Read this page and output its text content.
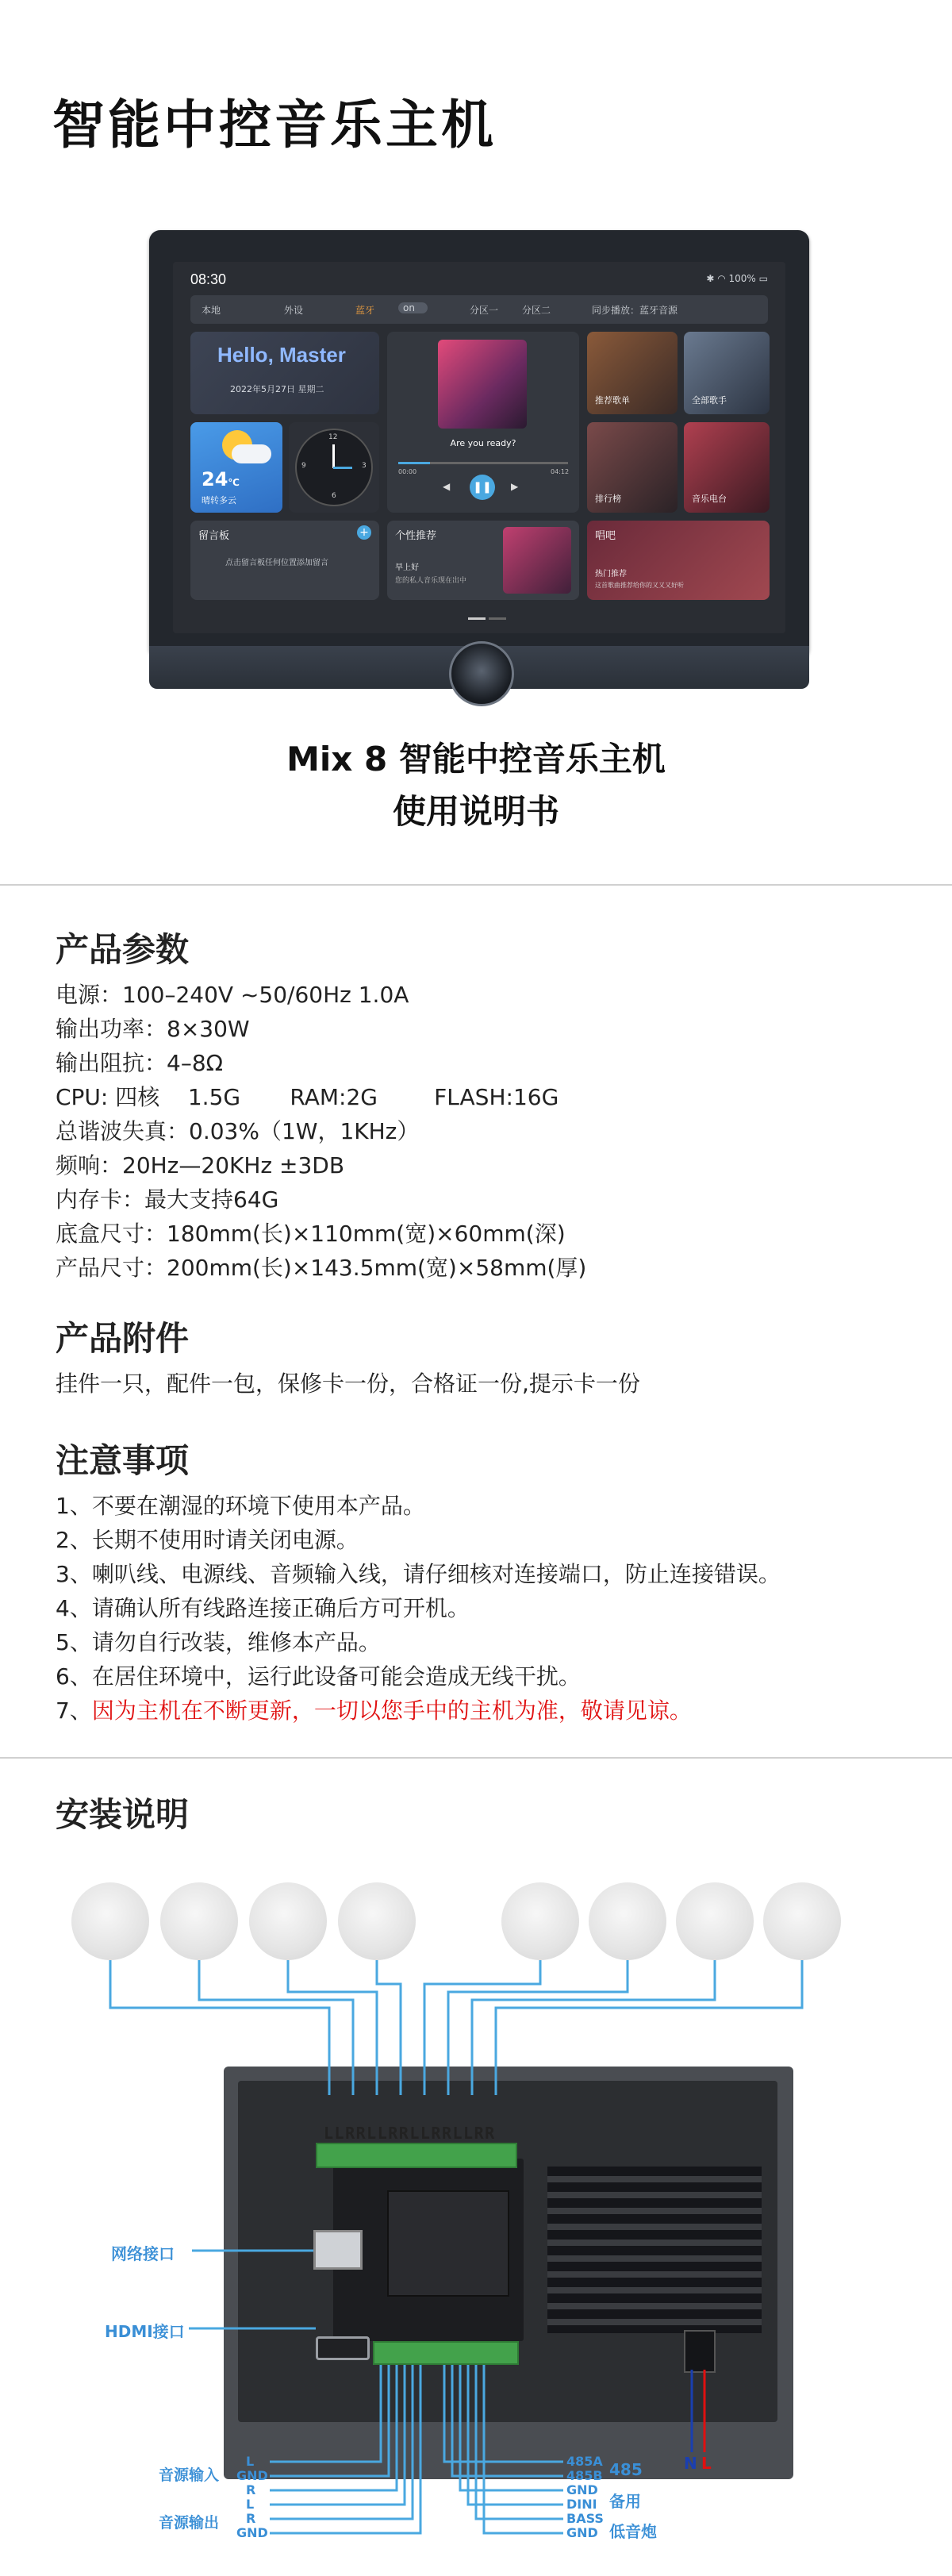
智能中控音乐主机
08:30	✱ ◠ 100% ▭
本地	外设	蓝牙	on	分区一 分区二	同步播放：蓝牙音源
Hello, Master
2022年5月27日 星期二
24℃
晴转多云
12
3
6
9
Are you ready?
00:00	04:12
❚❚
◀	▶
推荐歌单	全部歌手
排行榜	音乐电台
留言板	+
点击留言板任何位置添加留言
个性推荐
早上好
您的私人音乐现在出中
唱吧
热门推荐
这首歌曲推荐给你的又又又好听
Mix 8 智能中控音乐主机
使用说明书
产品参数
电源：100–240V ~50/60Hz 1.0A
输出功率：8×30W
输出阻抗：4–8Ω
CPU: 四核    1.5G       RAM:2G        FLASH:16G
总谐波失真：0.03%（1W，1KHz）
频响：20Hz—20KHz ±3DB
内存卡：最大支持64G
底盒尺寸：180mm(长)×110mm(宽)×60mm(深)
产品尺寸：200mm(长)×143.5mm(宽)×58mm(厚)
产品附件
挂件一只，配件一包，保修卡一份，合格证一份,提示卡一份
注意事项
1、不要在潮湿的环境下使用本产品。
2、长期不使用时请关闭电源。
3、喇叭线、电源线、音频输入线，请仔细核对连接端口，防止连接错误。
4、请确认所有线路连接正确后方可开机。
5、请勿自行改装，维修本产品。
6、在居住环境中，运行此设备可能会造成无线干扰。
7、因为主机在不断更新，一切以您手中的主机为准，敬请见谅。
安装说明
LLRRLLRRLLRRLLRR
网络接口
HDMI接口
L
GND
R
L
R
GND
音源输入
音源输出
485A
485B
GND
DINI
BASS
GND
485
备用
低音炮
N L
